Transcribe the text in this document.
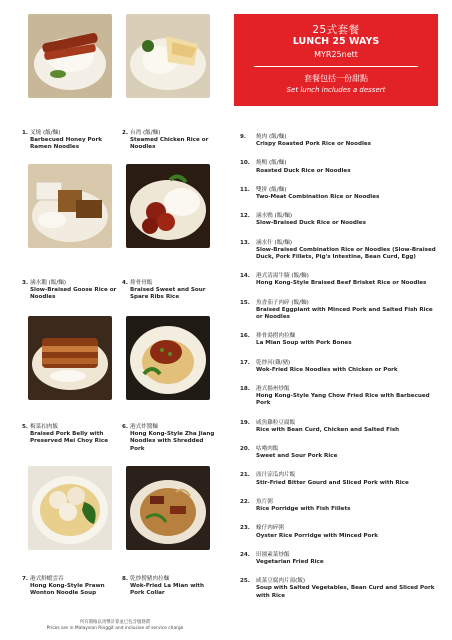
1. 叉燒 (飯/麵)
Barbecued Honey Pork Ramen Noodles
3. 滷水鵝 (飯/麵)
Slow-Braised Goose Rice or Noodles
5. 梅菜扣肉飯
Braised Pork Belly with Preserved Mei Choy Rice
7. 港式鮮蝦雲吞
Hong Kong-Style Prawn Wonton Noodle Soup
2. 台湾 (飯/麵)
Steamed Chicken Rice or Noodles
4. 排骨骨飯
Braised Sweet and Sour Spare Ribs Rice
6. 港式炸醬麵
Hong Kong-Style Zha Jiang Noodles with Shredded Pork
8. 乾炒撈豬肉拉麵
Wok-Fried La Mian with Pork Collar
25式套餐
LUNCH 25 WAYS
MYR25nett
套餐包括一份甜點
Set lunch includes a dessert
9. 燒肉 (飯/麵)
Crispy Roasted Pork Rice or Noodles
10. 燒鴨 (飯/麵)
Roasted Duck Rice or Noodles
11. 雙拼 (飯/麵)
Two-Meat Combination Rice or Noodles
12. 滷水鴨 (飯/麵)
Slow-Braised Duck Rice or Noodles
13. 滷水什 (飯/麵)
Slow-Braised Combination Rice or Noodles (Slow-Braised Duck, Pork Fillets, Pig's Intestine, Bean Curd, Egg)
14. 港式清湯牛腩 (飯/麵)
Hong Kong-Style Braised Beef Brisket Rice or Noodles
15. 魚香茄子肉碎 (飯/麵)
Braised Eggplant with Minced Pork and Salted Fish Rice or Noodles
16. 排骨湯撈肉拉麵
La Mian Soup with Pork Bones
17. 乾炒河(雞/豬)
Wok-Fried Rice Noodles with Chicken or Pork
18. 港式揚州炒飯
Hong Kong-Style Yang Chow Fried Rice with Barbecued Pork
19. 咸魚雞粒豆腐飯
Rice with Bean Curd, Chicken and Salted Fish
20. 咕嚕肉飯
Sweet and Sour Pork Rice
21. 豉汁涼瓜肉片飯
Stir-Fried Bitter Gourd and Sliced Pork with Rice
22. 魚片粥
Rice Porridge with Fish Fillets
23. 蠔仔肉碎粥
Oyster Rice Porridge with Minced Pork
24. 田園素菜炒飯
Vegetarian Fried Rice
25. 咸菜豆腐肉片湯(飯)
Soup with Salted Vegetables, Bean Curd and Sliced Pork with Rice
所有價格以馬幣計算並已包含服務費
Prices are in Malaysian Ringgit and inclusive of service charge
